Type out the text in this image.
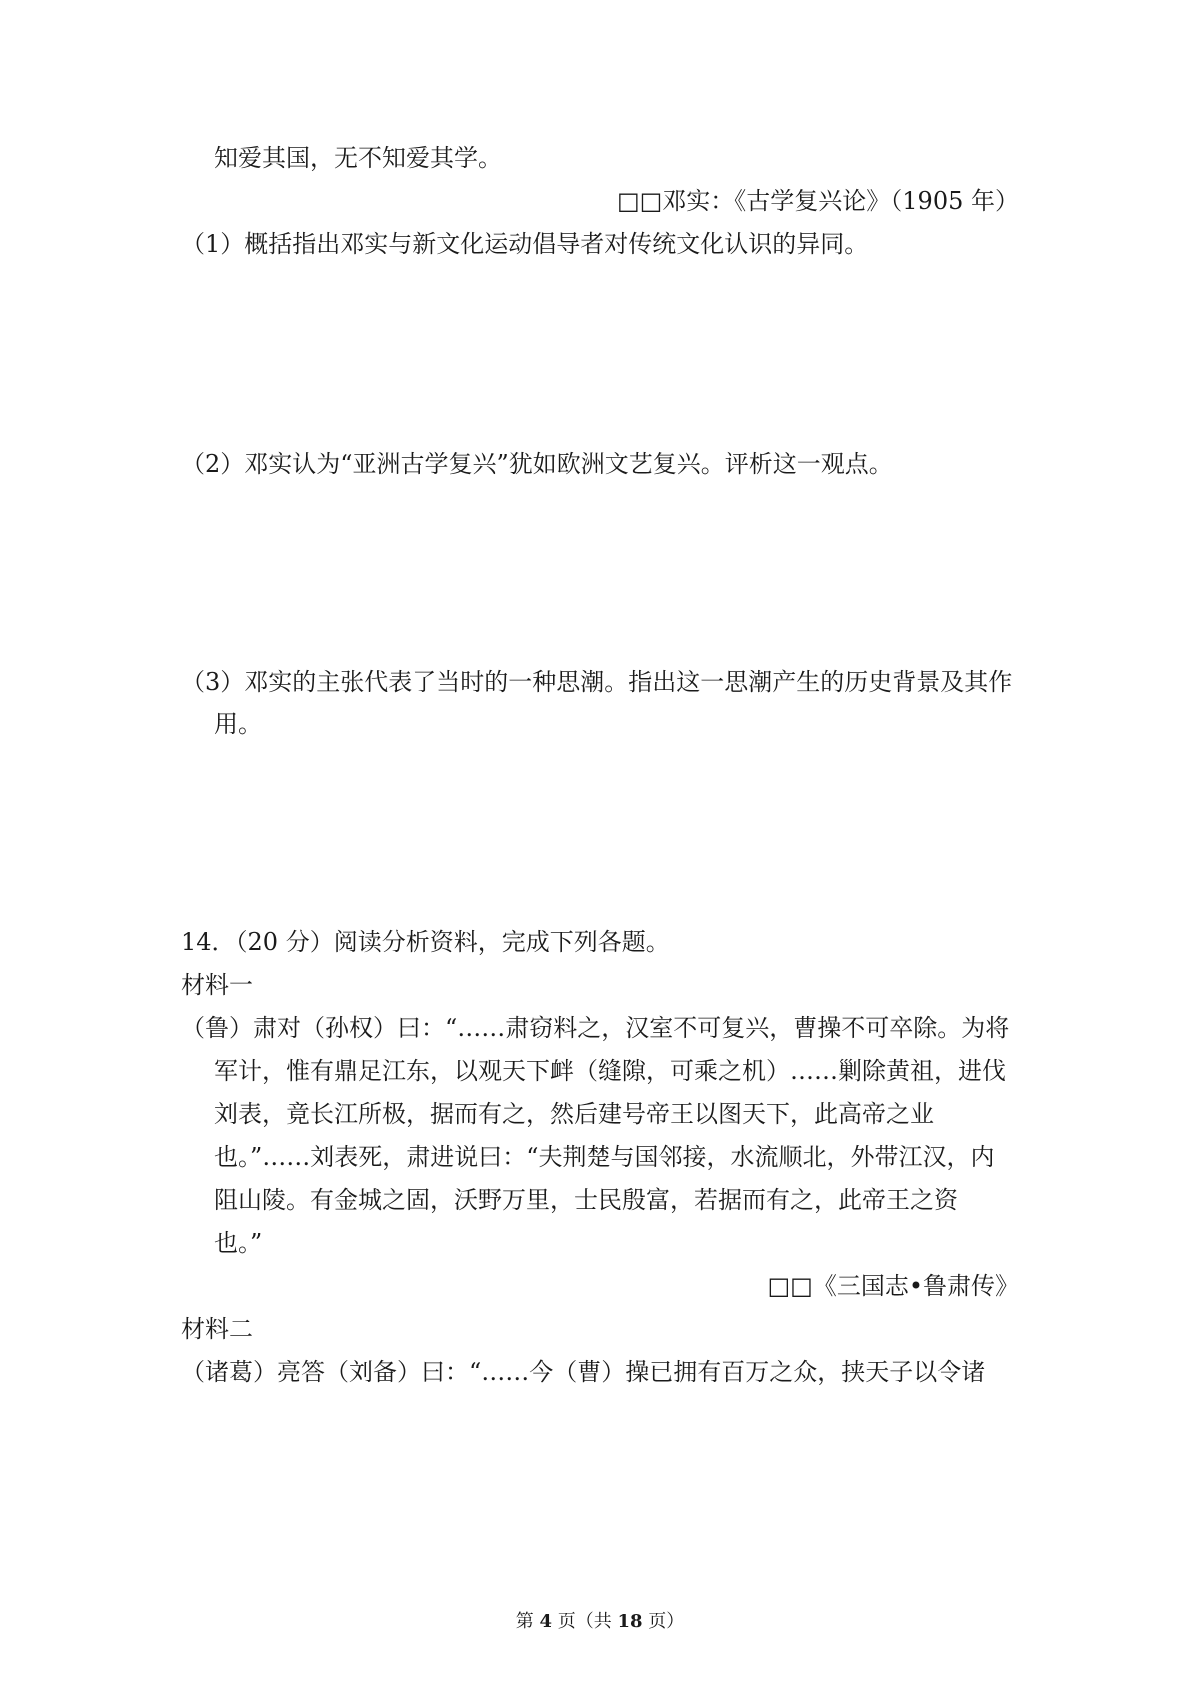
知爱其国，无不知爱其学。
□□邓实：《古学复兴论》（1905 年）
（1）概括指出邓实与新文化运动倡导者对传统文化认识的异同。
（2）邓实认为“亚洲古学复兴”犹如欧洲文艺复兴。评析这一观点。
（3）邓实的主张代表了当时的一种思潮。指出这一思潮产生的历史背景及其作
用。
14．（20 分）阅读分析资料，完成下列各题。
材料一
（鲁）肃对（孙权）曰：“……肃窃料之，汉室不可复兴，曹操不可卒除。为将
军计，惟有鼎足江东，以观天下衅（缝隙，可乘之机）……剿除黄祖，进伐
刘表，竟长江所极，据而有之，然后建号帝王以图天下，此高帝之业
也。”……刘表死，肃进说曰：“夫荆楚与国邻接，水流顺北，外带江汉，内
阻山陵。有金城之固，沃野万里，士民殷富，若据而有之，此帝王之资
也。”
□□《三国志•鲁肃传》
材料二
（诸葛）亮答（刘备）曰：“……今（曹）操已拥有百万之众，挟天子以令诸
第 4 页（共 18 页）
